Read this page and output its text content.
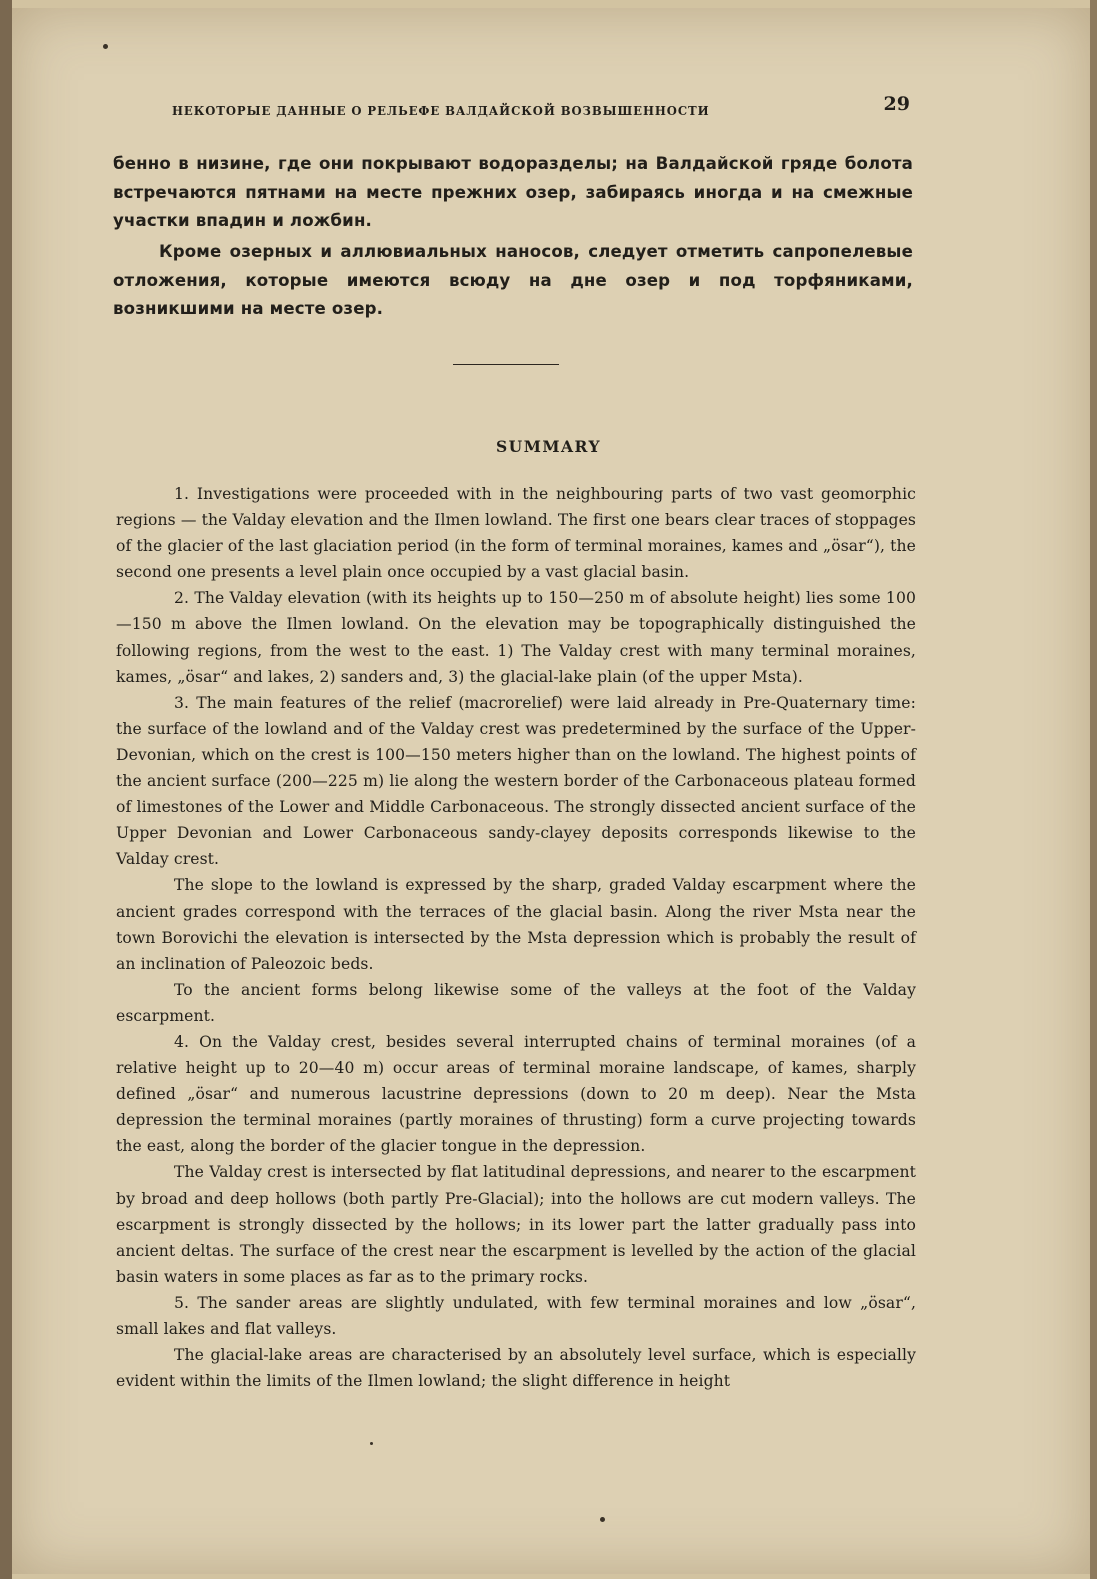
НЕКОТОРЫЕ ДАННЫЕ О РЕЛЬЕФЕ ВАЛДАЙСКОЙ ВОЗВЫШЕННОСТИ	29

бенно в низине, где они покрывают водоразделы; на Валдайской гряде болота встречаются пятнами на месте прежних озер, забираясь иногда и на смежные участки впадин и ложбин.

Кроме озерных и аллювиальных наносов, следует отметить сапропелевые отложения, которые имеются всюду на дне озер и под торфяниками, возникшими на месте озер.

SUMMARY

1. Investigations were proceeded with in the neighbouring parts of two vast geomorphic regions — the Valday elevation and the Ilmen lowland. The first one bears clear traces of stoppages of the glacier of the last glaciation period (in the form of terminal moraines, kames and „ösar“), the second one presents a level plain once occupied by a vast glacial basin.

2. The Valday elevation (with its heights up to 150—250 m of absolute height) lies some 100—150 m above the Ilmen lowland. On the elevation may be topographically distinguished the following regions, from the west to the east. 1) The Valday crest with many terminal moraines, kames, „ösar“ and lakes, 2) sanders and, 3) the glacial-lake plain (of the upper Msta).

3. The main features of the relief (macrorelief) were laid already in Pre-Quaternary time: the surface of the lowland and of the Valday crest was predetermined by the surface of the Upper-Devonian, which on the crest is 100—150 meters higher than on the lowland. The highest points of the ancient surface (200—225 m) lie along the western border of the Carbonaceous plateau formed of limestones of the Lower and Middle Carbonaceous. The strongly dissected ancient surface of the Upper Devonian and Lower Carbonaceous sandy-clayey deposits corresponds likewise to the Valday crest.

The slope to the lowland is expressed by the sharp, graded Valday escarpment where the ancient grades correspond with the terraces of the glacial basin. Along the river Msta near the town Borovichi the elevation is intersected by the Msta depression which is probably the result of an inclination of Paleozoic beds.

To the ancient forms belong likewise some of the valleys at the foot of the Valday escarpment.

4. On the Valday crest, besides several interrupted chains of terminal moraines (of a relative height up to 20—40 m) occur areas of terminal moraine landscape, of kames, sharply defined „ösar“ and numerous lacustrine depressions (down to 20 m deep). Near the Msta depression the terminal moraines (partly moraines of thrusting) form a curve projecting towards the east, along the border of the glacier tongue in the depression.

The Valday crest is intersected by flat latitudinal depressions, and nearer to the escarpment by broad and deep hollows (both partly Pre-Glacial); into the hollows are cut modern valleys. The escarpment is strongly dissected by the hollows; in its lower part the latter gradually pass into ancient deltas. The surface of the crest near the escarpment is levelled by the action of the glacial basin waters in some places as far as to the primary rocks.

5. The sander areas are slightly undulated, with few terminal moraines and low „ösar“, small lakes and flat valleys.

The glacial-lake areas are characterised by an absolutely level surface, which is especially evident within the limits of the Ilmen lowland; the slight difference in height
